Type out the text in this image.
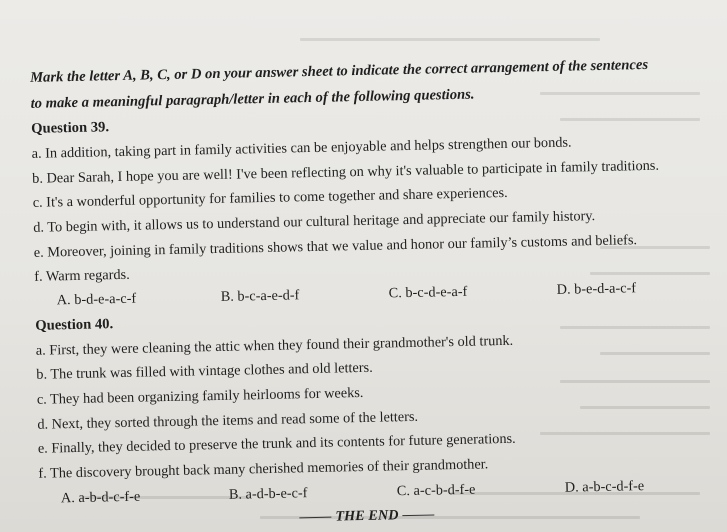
Mark the letter A, B, C, or D on your answer sheet to indicate the correct arrangement of the sentences
to make a meaningful paragraph/letter in each of the following questions.
Question 39.
a. In addition, taking part in family activities can be enjoyable and helps strengthen our bonds.
b. Dear Sarah, I hope you are well! I've been reflecting on why it's valuable to participate in family traditions.
c. It's a wonderful opportunity for families to come together and share experiences.
d. To begin with, it allows us to understand our cultural heritage and appreciate our family history.
e. Moreover, joining in family traditions shows that we value and honor our family’s customs and beliefs.
f. Warm regards.
A. b-d-e-a-c-f	B. b-c-a-e-d-f	C. b-c-d-e-a-f	D. b-e-d-a-c-f
Question 40.
a. First, they were cleaning the attic when they found their grandmother's old trunk.
b. The trunk was filled with vintage clothes and old letters.
c. They had been organizing family heirlooms for weeks.
d. Next, they sorted through the items and read some of the letters.
e. Finally, they decided to preserve the trunk and its contents for future generations.
f. The discovery brought back many cherished memories of their grandmother.
A. a-b-d-c-f-e	B. a-d-b-e-c-f	C. a-c-b-d-f-e	D. a-b-c-d-f-e
THE END
